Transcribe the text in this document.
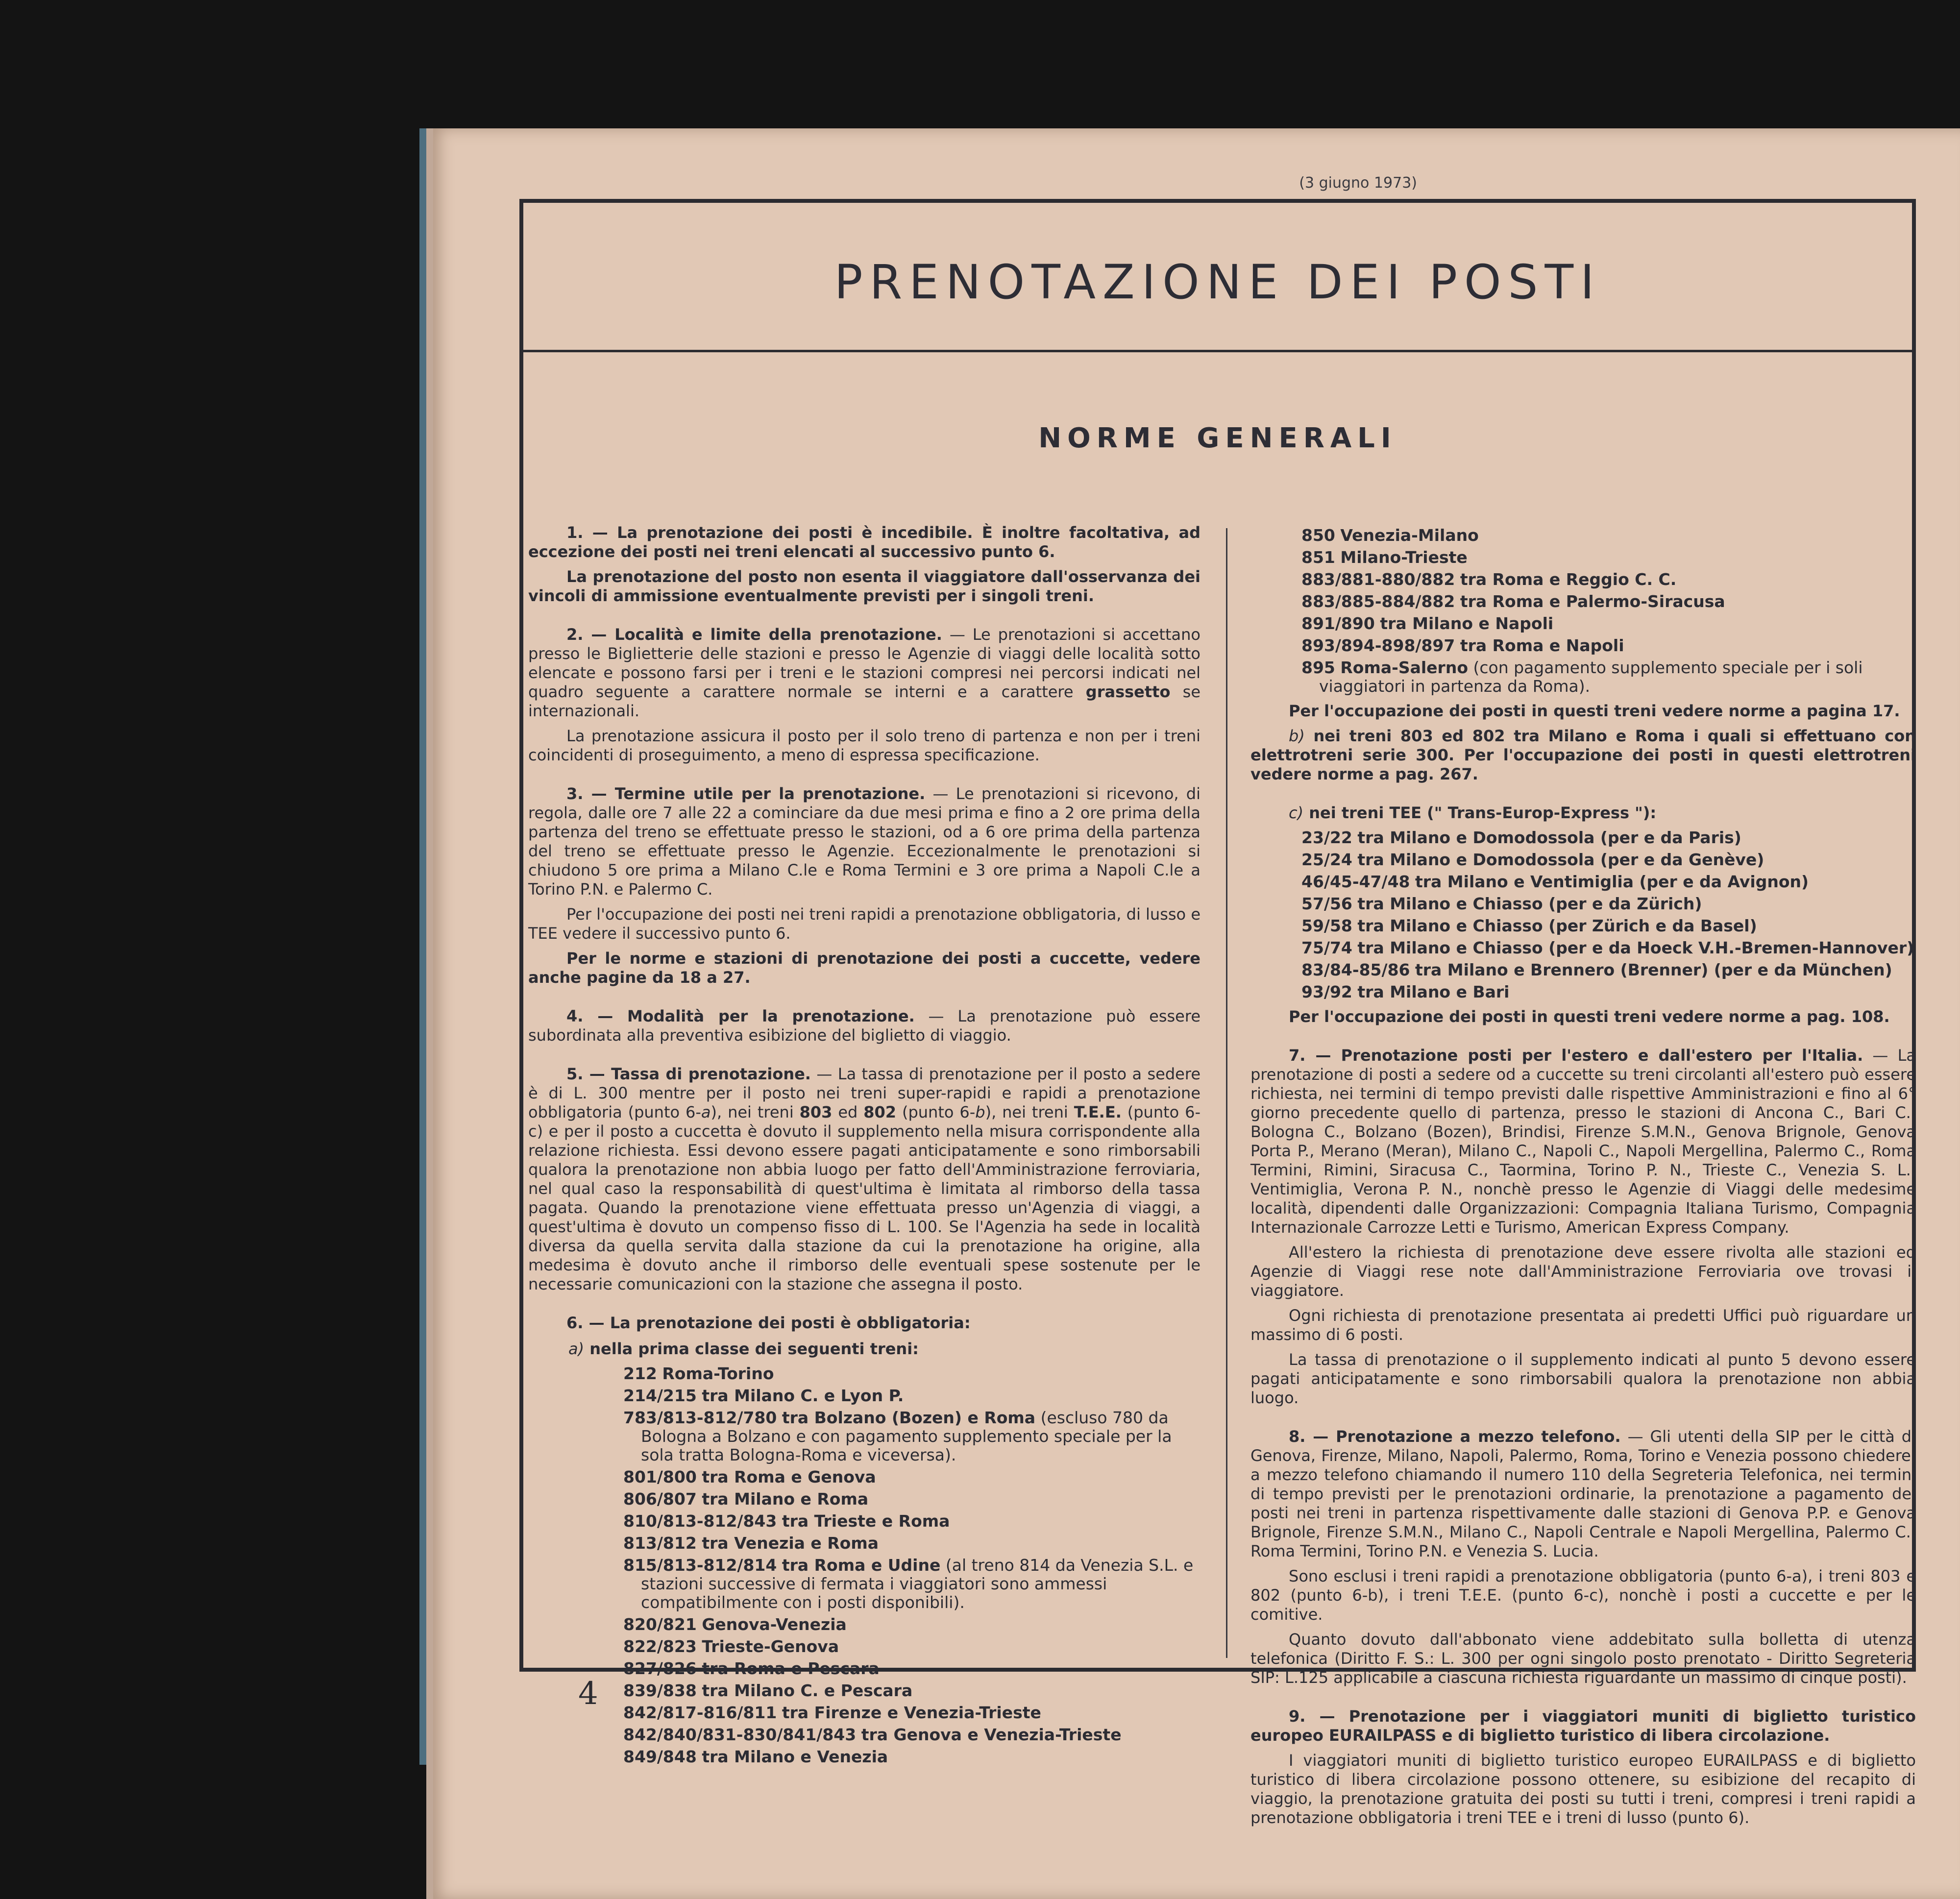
(3 giugno 1973)
PRENOTAZIONE DEI POSTI
NORME GENERALI

1. — La prenotazione dei posti è incedibile. È inoltre facoltativa, ad eccezione dei posti nei treni elencati al successivo punto 6.

La prenotazione del posto non esenta il viaggiatore dall'osservanza dei vincoli di ammissione eventualmente previsti per i singoli treni.

2. — Località e limite della prenotazione. — Le prenotazioni si accettano presso le Biglietterie delle stazioni e presso le Agenzie di viaggi delle località sotto elencate e possono farsi per i treni e le stazioni compresi nei percorsi indicati nel quadro seguente a carattere normale se interni e a carattere grassetto se internazionali.

La prenotazione assicura il posto per il solo treno di partenza e non per i treni coincidenti di proseguimento, a meno di espressa specificazione.

3. — Termine utile per la prenotazione. — Le prenotazioni si ricevono, di regola, dalle ore 7 alle 22 a cominciare da due mesi prima e fino a 2 ore prima della partenza del treno se effettuate presso le stazioni, od a 6 ore prima della partenza del treno se effettuate presso le Agenzie. Eccezionalmente le prenotazioni si chiudono 5 ore prima a Milano C.le e Roma Termini e 3 ore prima a Napoli C.le a Torino P.N. e Palermo C.

Per l'occupazione dei posti nei treni rapidi a prenotazione obbligatoria, di lusso e TEE vedere il successivo punto 6.

Per le norme e stazioni di prenotazione dei posti a cuccette, vedere anche pagine da 18 a 27.

4. — Modalità per la prenotazione. — La prenotazione può essere subordinata alla preventiva esibizione del biglietto di viaggio.

5. — Tassa di prenotazione. — La tassa di prenotazione per il posto a sedere è di L. 300 mentre per il posto nei treni super-rapidi e rapidi a prenotazione obbligatoria (punto 6-a), nei treni 803 ed 802 (punto 6-b), nei treni T.E.E. (punto 6-c) e per il posto a cuccetta è dovuto il supplemento nella misura corrispondente alla relazione richiesta. Essi devono essere pagati anticipatamente e sono rimborsabili qualora la prenotazione non abbia luogo per fatto dell'Amministrazione ferroviaria, nel qual caso la responsabilità di quest'ultima è limitata al rimborso della tassa pagata. Quando la prenotazione viene effettuata presso un'Agenzia di viaggi, a quest'ultima è dovuto un compenso fisso di L. 100. Se l'Agenzia ha sede in località diversa da quella servita dalla stazione da cui la prenotazione ha origine, alla medesima è dovuto anche il rimborso delle eventuali spese sostenute per le necessarie comunicazioni con la stazione che assegna il posto.

6. — La prenotazione dei posti è obbligatoria:

a) nella prima classe dei seguenti treni:

212 Roma-Torino
214/215 tra Milano C. e Lyon P.
783/813-812/780 tra Bolzano (Bozen) e Roma (escluso 780 da Bologna a Bolzano e con pagamento supplemento speciale per la sola tratta Bologna-Roma e viceversa).
801/800 tra Roma e Genova
806/807 tra Milano e Roma
810/813-812/843 tra Trieste e Roma
813/812 tra Venezia e Roma
815/813-812/814 tra Roma e Udine (al treno 814 da Venezia S.L. e stazioni successive di fermata i viaggiatori sono ammessi compatibilmente con i posti disponibili).
820/821 Genova-Venezia
822/823 Trieste-Genova
827/826 tra Roma e Pescara
839/838 tra Milano C. e Pescara
842/817-816/811 tra Firenze e Venezia-Trieste
842/840/831-830/841/843 tra Genova e Venezia-Trieste
849/848 tra Milano e Venezia
850 Venezia-Milano
851 Milano-Trieste
883/881-880/882 tra Roma e Reggio C. C.
883/885-884/882 tra Roma e Palermo-Siracusa
891/890 tra Milano e Napoli
893/894-898/897 tra Roma e Napoli
895 Roma-Salerno (con pagamento supplemento speciale per i soli viaggiatori in partenza da Roma).

Per l'occupazione dei posti in questi treni vedere norme a pagina 17.

b) nei treni 803 ed 802 tra Milano e Roma i quali si effettuano con elettrotreni serie 300. Per l'occupazione dei posti in questi elettrotreni vedere norme a pag. 267.

c) nei treni TEE (" Trans-Europ-Express "):

23/22 tra Milano e Domodossola (per e da Paris)
25/24 tra Milano e Domodossola (per e da Genève)
46/45-47/48 tra Milano e Ventimiglia (per e da Avignon)
57/56 tra Milano e Chiasso (per e da Zürich)
59/58 tra Milano e Chiasso (per Zürich e da Basel)
75/74 tra Milano e Chiasso (per e da Hoeck V.H.-Bremen-Hannover)
83/84-85/86 tra Milano e Brennero (Brenner) (per e da München)
93/92 tra Milano e Bari

Per l'occupazione dei posti in questi treni vedere norme a pag. 108.

7. — Prenotazione posti per l'estero e dall'estero per l'Italia. — La prenotazione di posti a sedere od a cuccette su treni circolanti all'estero può essere richiesta, nei termini di tempo previsti dalle rispettive Amministrazioni e fino al 6° giorno precedente quello di partenza, presso le stazioni di Ancona C., Bari C., Bologna C., Bolzano (Bozen), Brindisi, Firenze S.M.N., Genova Brignole, Genova Porta P., Merano (Meran), Milano C., Napoli C., Napoli Mergellina, Palermo C., Roma Termini, Rimini, Siracusa C., Taormina, Torino P. N., Trieste C., Venezia S. L., Ventimiglia, Verona P. N., nonchè presso le Agenzie di Viaggi delle medesime località, dipendenti dalle Organizzazioni: Compagnia Italiana Turismo, Compagnia Internazionale Carrozze Letti e Turismo, American Express Company.

All'estero la richiesta di prenotazione deve essere rivolta alle stazioni ed Agenzie di Viaggi rese note dall'Amministrazione Ferroviaria ove trovasi il viaggiatore.

Ogni richiesta di prenotazione presentata ai predetti Uffici può riguardare un massimo di 6 posti.

La tassa di prenotazione o il supplemento indicati al punto 5 devono essere pagati anticipatamente e sono rimborsabili qualora la prenotazione non abbia luogo.

8. — Prenotazione a mezzo telefono. — Gli utenti della SIP per le città di Genova, Firenze, Milano, Napoli, Palermo, Roma, Torino e Venezia possono chiedere, a mezzo telefono chiamando il numero 110 della Segreteria Telefonica, nei termini di tempo previsti per le prenotazioni ordinarie, la prenotazione a pagamento dei posti nei treni in partenza rispettivamente dalle stazioni di Genova P.P. e Genova Brignole, Firenze S.M.N., Milano C., Napoli Centrale e Napoli Mergellina, Palermo C., Roma Termini, Torino P.N. e Venezia S. Lucia.

Sono esclusi i treni rapidi a prenotazione obbligatoria (punto 6-a), i treni 803 e 802 (punto 6-b), i treni T.E.E. (punto 6-c), nonchè i posti a cuccette e per le comitive.

Quanto dovuto dall'abbonato viene addebitato sulla bolletta di utenza telefonica (Diritto F. S.: L. 300 per ogni singolo posto prenotato - Diritto Segreteria SIP: L.125 applicabile a ciascuna richiesta riguardante un massimo di cinque posti).

9. — Prenotazione per i viaggiatori muniti di biglietto turistico europeo EURAILPASS e di biglietto turistico di libera circolazione.

I viaggiatori muniti di biglietto turistico europeo EURAILPASS e di biglietto turistico di libera circolazione possono ottenere, su esibizione del recapito di viaggio, la prenotazione gratuita dei posti su tutti i treni, compresi i treni rapidi a prenotazione obbligatoria i treni TEE e i treni di lusso (punto 6).

4
